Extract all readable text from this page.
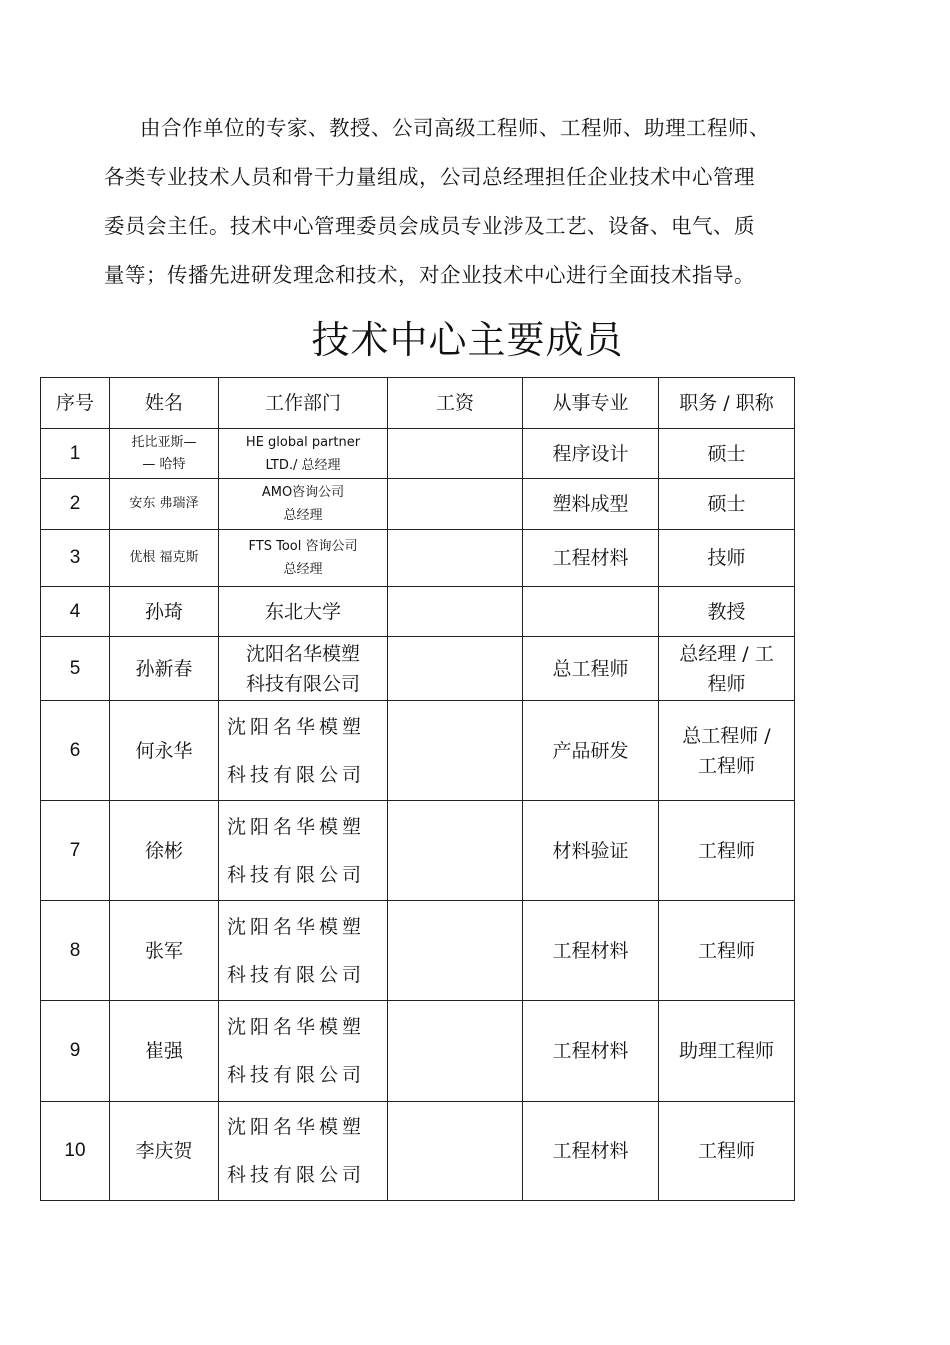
由合作单位的专家、教授、公司高级工程师、工程师、助理工程师、

各类专业技术人员和骨干力量组成，公司总经理担任企业技术中心管理

委员会主任。技术中心管理委员会成员专业涉及工艺、设备、电气、质

量等；传播先进研发理念和技术，对企业技术中心进行全面技术指导。

技术中心主要成员
序号	姓名	工作部门	工资	从事专业	职务 / 职称
1	托比亚斯—
— 哈特	HE global partner
LTD./ 总经理		程序设计	硕士

2	安东 弗瑞泽	AMO咨询公司
总经理		塑料成型	硕士

3	优根 福克斯	FTS Tool 咨询公司
总经理		工程材料	技师

4	孙琦	东北大学			教授

5	孙新春	沈阳名华模塑
科技有限公司		总工程师	总经理 / 工
程师

6	何永华	沈阳名华模塑
科技有限公司		产品研发	总工程师 /
工程师

7	徐彬	沈阳名华模塑
科技有限公司		材料验证	工程师

8	张军	沈阳名华模塑
科技有限公司		工程材料	工程师

9	崔强	沈阳名华模塑
科技有限公司		工程材料	助理工程师

10	李庆贺	沈阳名华模塑
科技有限公司		工程材料	工程师
